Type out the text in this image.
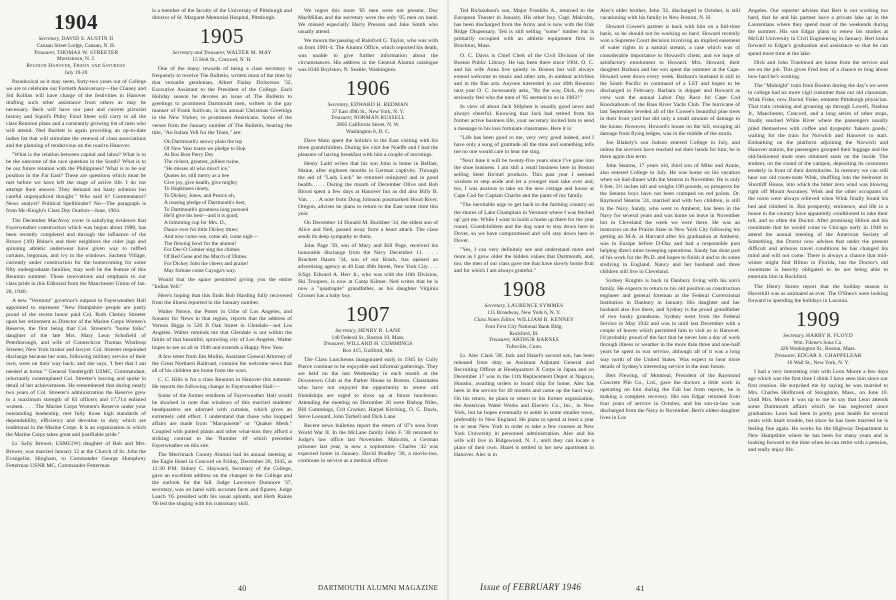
1904
Secretary, DAVID S. AUSTIN II
Canaan Street Lodge, Canaan, N. H.
Treasurer, THOMAS W. STREETER
Morristown, N. J.
Reunion Hanover, Friday and Saturday
July 19-20

Paradoxical as it may seem, forty-two years out of College we are to celebrate our Fortieth Anniversary—Ike Chaney and Sid Rollins will have charge of the festivities in Hanover drafting such other assistance from others as may be necessary. Beck will have our past and current pictorial history and Squid's Phiby Fund Sheet will carry to all the class Reunion plans and a constantly growing list of men who will attend. Ned Bartlett is again providing an up-to-date ladies list that will stimulate the renewal of class associations and the planning of rendezvous on the road to Hanover.

"What is the relation between capital and labor? What is to be the outcome of the race question in the South? What is to be our future relation with the Philippines? What is to be our position in the Far East? These are questions which must be met before we have left the stage of active life. I do not attempt their answer. They demand not hasty solution but careful unprejudiced thought." Who said it? Commentator? News analyst? Political Spellbinder? No—The paragraph is from Mc-Knight's Class Day Oration—June, 1904.

The December MacAvoy cover is satisfying evidence that Fayerweather construction which was begun about 1900, has been recently completed and through the influence of the Brown ('49) Rhine's and their neighbors the cider jugs and spinning athletic underwear have given way to ruffled curtains, begonias, and ivy in the windows. Sachem Village, currently under construction for the homecoming for some fifty undergraduate families, may well be the feature of this Reunion summer. Those innovations and emphasis to our class pride in this Editorial from the Manchester Union of Jan. 28, 1946:

A new "Vermont" governor's outpost in Fayerweather Hall appointed to represent "New Hampshire people are justly proud of the recent honor paid Col. Ruth Cheney Streeter upon her retirement as Director of the Marine Corps Women's Reserve, the first being that Col. Streeter's "home folks" daughter of the late Mrs. Mary Leon Schofield of Peterborough, and wife of Connecticut Thomas Winthrop Streeter, New York broker and lawyer. Col. Streeter responded discharge because her sons, following military service of their own, were on their way back; and she says, 'I feel that I am needed at home.'" General Vandergrift USMC, Commandant, reluctantly contemplated Col. Streeter's leaving and spoke in detail of her achievements. He remembered that during nearly two years of Col. Streeter's administration the Reserve grew to a maximum strength of 83 officers and 17,714 enlisted women. . . . The Marine Corps Women's Reserve under your outstanding leadership, met fully those high standards of dependability, efficiency and devotion to duty which are traditional in the Marine Corps. It is an organization in which the Marine Corps takes great and justifiable pride."

Lt. Sally Brewer, USMC(W) daughter of Bob and Mrs. Brewer, was married January 12 at the Church of St. John the Evangelist, Hingham, to Commander George Humphrey Fetterman USNR MC, Commander Fetterman

is a member of the faculty of the University of Pittsburgh and director of St. Margaret Memorial Hospital, Pittsburgh.

1905
Secretary and Treasurer, WALTER M. MAY
15 Holt St., Concord, N. H.

One of the many rewards of being a class secretary is frequently to receive The Bulletin, written most of the time by that versatile gentleman, Albert Finlay Dickerson '32, Executive Assistant to the President of the College. Each Holiday season he devotes an issue of The Bulletin to greetings to prominent Dartmouth men, written in the gay manner of Frank Sullivan, in his annual Christmas Greetings in the New Yorker, to prominent Americans. Some of the verses from the January number of The Bulletin, bearing the title, "An Indian Yell for the Team," are:

On Dartmouth's snowy plain the top
Of New Year toasts we pledge to Hop
At Bos Bost Perry Dey
The richest, greatest, jolliest twine,
"He misses all who miss't ice,"
Quotes he, still merry as a bee
Give joy, give health, give mighty
To Hopkinses ninety,
To Dickey, Jones, and Pearce oh,
A rousing pledge of Dartmouth's best,
To Dartmouth's greatness long pursued
He'll give his best—and it is good,
A brimming cup for Mrs. D.,
Dance over for little Dickey three;
And now come one, come all, come nigh—
The flowing bowl for the alumni!
For Dec-O Comier sing the chimes
Of Red Gene and the March of Dimes.
For Dickey John the cheers and praise!
May fortune come Cayuga's way.

Would that the space permitted giving you the entire "Indian Yell."

Here's hoping that this finds Bob Harding fully recovered from the illness reported in the January number.

Walter Neave, the Potter in Urbe of Los Angeles, and Sonator for News in that region, reports that the address of Vernon Biggs is 520 B Oak Street in Glendale—not Los Angeles. Walter reminds me that Glendale is not within the limits of that beautiful, sprawling city of Los Angeles. Walter hopes to see us all in 1946 and extends a Happy New Year.

A few letter from Jim Mullin, Assistant General Attorney of the Great Northern Railroad, contains the welcome news that all of his children are home from the wars.

C. C. Hills is for a class Reunion in Hanover this summer. He reports the following change in Fayerweather Hall:—

Some of the former residents of Fayerweather Hall would be shocked to note that windows of this married students' headquarters are adorned with curtains, which gives an extremely odd effect. I understand that those who loopped affairs are made from "Marquisette" or "Quaker Mesh." Coupled with potted plants and other what-nots they afford a striking contrast to the 'Number 10' which preceded Fayerweather on this site.

The Merrimack County Alumni had its annual meeting at the Eagle Hotel in Concord on Friday, December 28, 1945, at 12:30 P.M. Sidney C. Hayward, Secretary of the College, gave an excellent address on the changes in the College and the outlook for the fall. Judge Lawrence Dunmore '37, secretary, was on hand with accurate facts and figures. Judge Leach '05 presided with his usual aplomb, and Herb Rainie '06 led the singing with his customary skill.

We regret this more '05 men were not present. Doc MacMillan and the secretary were the only '05 men on hand. We missed especially Harry Presson and Jake Smith who usually attend.

We mourn the passing of Rainford G. Taylor, who was with us from 1901-4. The Alumni Office, which reported his death, was unable to give further information about the circumstances. His address in the General Alumni catalogue was 8346 Boylston, N. Seattle, Washington.

1906
Secretary, EDWARD H. REDMAN
37 East 49th St., New York, N. Y.
Treasurer, NORMAN RUSSELL
2805 California Street, N. W.
Washington 8, D. C.

Dave Main spent the holida's in the East visiting with his three grandchildren. During his visit Joe Nueffe and I had the pleasure of having breakfast with him a couple of mornings.

Henry Ladd writes that his son John is home in Belfast, Maine, after eighteen months in German captivity. Through the aid of "Lady Luck" he returned uninjured and in good health. . . . During the month of December Olive and Bob Blood spent a few days at Hanover Inn as did also Billy B. Van. . . . A note from Doug Johnson postmarked Hood River, Oregon, advises he plans to return to the East some time this year.

On December 14 Donald M. Buckbee '34, the eldest son of Alice and Neil, passed away from a heart attack. The class sends its deep sympathy to them.

John Page '39, son of Mary and Bill Page, received his honorable discharge from the Navy December 11. . . . Brackett Hazen '34, son of our Brack, has opened an advertising agency at 40 East 49th Street, New York City. . . . S/Sgt. Edward A. Herr Jr., who was with the 10th Division, Ski Troopers, is now at Camp Kilmer. Ned writes that he is now a "quadruple" grandfather, as his daughter Virginia Grosser has a baby boy.

1907
Secretary, HENRY R. LANE
140 Federal St., Boston 10, Mass.
Treasurer, WILLARD H. CUMMINGS
Box 415, Guilford, Me.

The Class Luncheons inaugurated early in 1945 by Cully Pierce continue to be enjoyable and informal gatherings. They are held on the last Wednesday in each month at the Downtown Club at the Parker House in Boston. Classmates who have not enjoyed the opportunity to renew old friendships are urged to show up at future luncheons. Attending the meeting on December 26 were Bishop Niles, Bill Cummings, Crit Crocker, Harpel Kitching, O. C. Davis, Steve Leonard, John Tarbell and Dick Lane.

Recent news bulletins report the return of 97's sons from World War II. In the McLane family John F. '38 returned to Judge's law office last November. Malcolm, a German prisoner last year, is now a sophomore. Charles '42 was expected home in January. David Bradley '38, a movie-law, continues in service as a medical officer.

Ted Richardson's son, Major Franklin A., returned to the European Theater in January. His other boy, Capt. Malcolm, has been discharged from the Army and is now with the Oak Ridge Dispensary. Ted is still selling "some" lumber but is primarily occupied with an athletic equipment firm in Brockton, Mass.

O. C. Davis is Chief Clerk of the Civil Division of the Boston Public Library. He has been there since 1904. O. C. and his wife Anna live quietly in Boston but will always extend welcome to music and other arts, in outdoor activities and in the fine arts. Anyone interested in our 40th Reunion next year O. C. incessantly asks, "By the way, Dick, do you seriously feel who the men of '05 seemed to us in 1903?"

In view of about Jack Stilphen is usually good news and always cheerful. Knowing that Jack had retired from his former active business life, your secretary invited him to send a message to his loss fortunate classmates. Here it is:

"Life has been good to me, very very good indeed, and I have only a song of gratitude all the time and something tells me no one would care to hear me sing.

"Next June it will be twenty-five years since I've gone into the shoe business. I am still a retail business here in Boston selling Steel Ho'mel products. This past year I seemed wisdom to step aside and let a younger man take over and, too, I was anxious to take on the new cottage and house at Cape Cod for Captain Charlie and the pants of my family.

"The inevitable urge to get back to the farming country on the shores of Lake Champlain in Vermont where I was fetched up' got me. While I want to build a home up there for the year round, Grandchildren and the dog want to stay down here in Dover, so we have compromised and will stay down here in Dover.

"Yes, I can very definitely see and understand more and more as I grow older the hidden values that Dartmouth, and, too, the men of our class gave me that have slowly borne fruit and for which I am always grateful."

1908
Secretary, LAURENCE SYMMES
115 Broadway, New York 6, N. Y.
Class Notes Editor, WILLIAM B. KENNEY
Foot First City National Bank Bldg.
Rockford, Ill.
Treasurer, ARTHUR BARNES
Tuftsville, Conn.

Lt. Alec Clark '38, Jack and Hazel's second son, has been released from duty as Assistant Adjutant General and Recruiting Officer at Headquarters X Corps in Japan and on December 17 was in the 11th Replacement Depot at Nagoya, Honshu, awaiting orders to board ship for home. Alec has been in the service for 40 months and came up the hard way. On his return, he plans to return to his former organization, the American Water Works and Electric Co., Inc., in New York, but he hopes eventually to settle in some smaller town, preferably in New England. He plans to spend at least a year in or near New York in order to take a few courses at New York University in personnel administration. Alec and his wife will live in Ridgewood, N. J., until they can locate a place of their own. Hazel is settled in her new apartment in Hanover. Alec is in

Alec's older brother, John '32, discharged in October, is still vacationing with his family in New Boston, N. H.

Howard Cowee's partner is back with him on a full-time basis, so he should not be working so hard. Howard recently won a Supreme Court decision involving an implied easement of water rights in a natural stream, a case which was of considerable importance to Howard's client, and we hope of satisfactory emolument to Howard. Mrs. Howard, their daughter Barbara and her son spent the summer at the Cape. Howard went down every week. Barbara's husband is still in the South Pacific in command of a LST and hopes to be discharged in February. Barbara is skipper and Howard as crew won the annual Labor Day Race for Cape Cod Knockabouts of the Bass River Yacht Club. The hurricane of last September leveled all of the Cowee's beautiful pine trees in their front yard but did only a small amount of damage to the house. However, Howard's house on the hill, escaping all damage from flying ledges, was in the middle of the storm.

Joe Blakely's son Judson entered College in July, and unless the services have reached out their hands for him, he is there again this term.

John Stearns, 17 years old, third son of Mike and Annie, also entered College in July. He was home on his vacation when we had dinner with the Stearns in November. He is only 6 feet, 3½ inches tall and weighs 190 pounds, so prospects for the Stearns boys have not been cramped on red points. Dr. Raymond Stearns '24, married and with two children, is still in the Navy. Sandy, who went to Amherst, has been in the Navy for several years and was home on leave in November but in Cleveland the week we were there. He was an instructor on the Prairie State in New York City following his getting an M.A. at Harvard after his graduation at Amherst, was in Europe before D-Day and had a responsible post helping direct mine sweeping operations. Sandy has done part of his work for the Ph.D. and hopes to finish it and to do some studying in England. Nancy and her husband and three children still live in Cleveland.

Sydney Knights is back in Danbury living with his son's family. He expects to return to his old position as construction engineer and general foreman at the Federal Correctional Institution in Danbury in January. His daughter and her husband also live there, and Sydney is the proud grandfather of two husky grandsons. Sydney went from the Federal Service in May 1942 and was in until last December with a couple of leaves which permitted him to visit us in Hanover. I'd probably proud of the fact that he never lost a day of work through illness or weather in the more than three and one-half years he spent in war service, although all of it was a long way north of the United States. Was expect to hear more details of Sydney's interesting service in the near future.

Bert Flewing, of Montreal, President of the Raymond Concrete Pile Co., Ltd., gave the doctors a little work in operating on him during the Fall but from reports, he is making a complete recovery. His son Edgar returned from four years of service in October, and his son-in-law was discharged from the Navy in November. Bert's oldest daughter lives in Los

Angeles. Our reporter advises that Bert is not working too hard, that he and his partner have a private lake up in the Laurentians where they spend most of the weekends during the summer. His son Edgar plans to renew his studies at McGill University in Civil Engineering in January. Bert looks forward to Edgar's graduation and assistance so that he can spend more time at the lake.

Dick and John Trueblood are home from the service and are on the job. This gives Fred less of a chance to brag about how hard he's working.

The "Midnight" train from Boston during the day's we were in college had no more vigil customer than our old classmate, Wink Fiske, now Doctor Fiske, eminent Pittsburgh physician. That train creaking and groaning up through Lowell, Nashua Jr., Manchester, Concord, and a long series of other stops, finally reached White River where the passengers usually piled themselves with coffee and dyspeptic 'bakers goods,' waiting for the train for Norwich and Hanover to start. Embarking on the platform adjoining the Norwich and Hanover station, the passengers grouped their luggage and the old-fashioned mule ones obtained seats on the inside. The student, on the round of the campus, depositing its customers tenderly in front of their dormitories. In memory we can still hear our old room-mate Wink, shuffling into the bedroom in Shortliff House, into which the bitter zero wind was blowing right off Mount Ascutney. Wink and the other occupants of the room were always relieved when Wink finally found his bed and climbed in. But prosperity, eminence, and life in a house in the country have apparently conditioned to take their toll, and so often the Doctor. After promising Hilton and his roommate that he would come to Chicago early in 1946 to attend the annual meeting of the American Society of Something, the Doctor now advises that under the present difficult and arduous travel conditions he has changed his mind and will not come. There is always a chance that mid-winter might find Hilton in Florida, but the Doctor's old roommate is heavily obligated to be not being able to entertain him in Rockford.

The Henry Stores report that the holiday season in Haverhill was as animated as ever. The O'Shea's were looking forward to spending the holidays in Laconia.

1909
Secretary, HARRY R. FLOYD
Wm. Filene's Sons Co.
426 Washington St., Boston, Mass.
Treasurer, EDGAR S. CHAPPELEAR
16 Wall St., New York, N. Y.

I had a very interesting visit with Leon Moore a few days ago which was the first time I think I have seen him since our first reunion. He surprised me by saying he was married to Mrs. Charles Hollbrook of Stoughton, Mass., on June 10. Until Mrs. Moore it was up to me to say that Leon attends some Dartmouth affairs which he has neglected since graduation. Leon had been in pretty poor health for several years with heart trouble, but since he has been married he is feeling fine again. He works for the Highway Department in New Hampshire where he has been for many years and is looking forward to the time when he can retire with a pension, and really enjoy life.

40	DARTMOUTH ALUMNI MAGAZINE	Issue of FEBRUARY 1946	41
